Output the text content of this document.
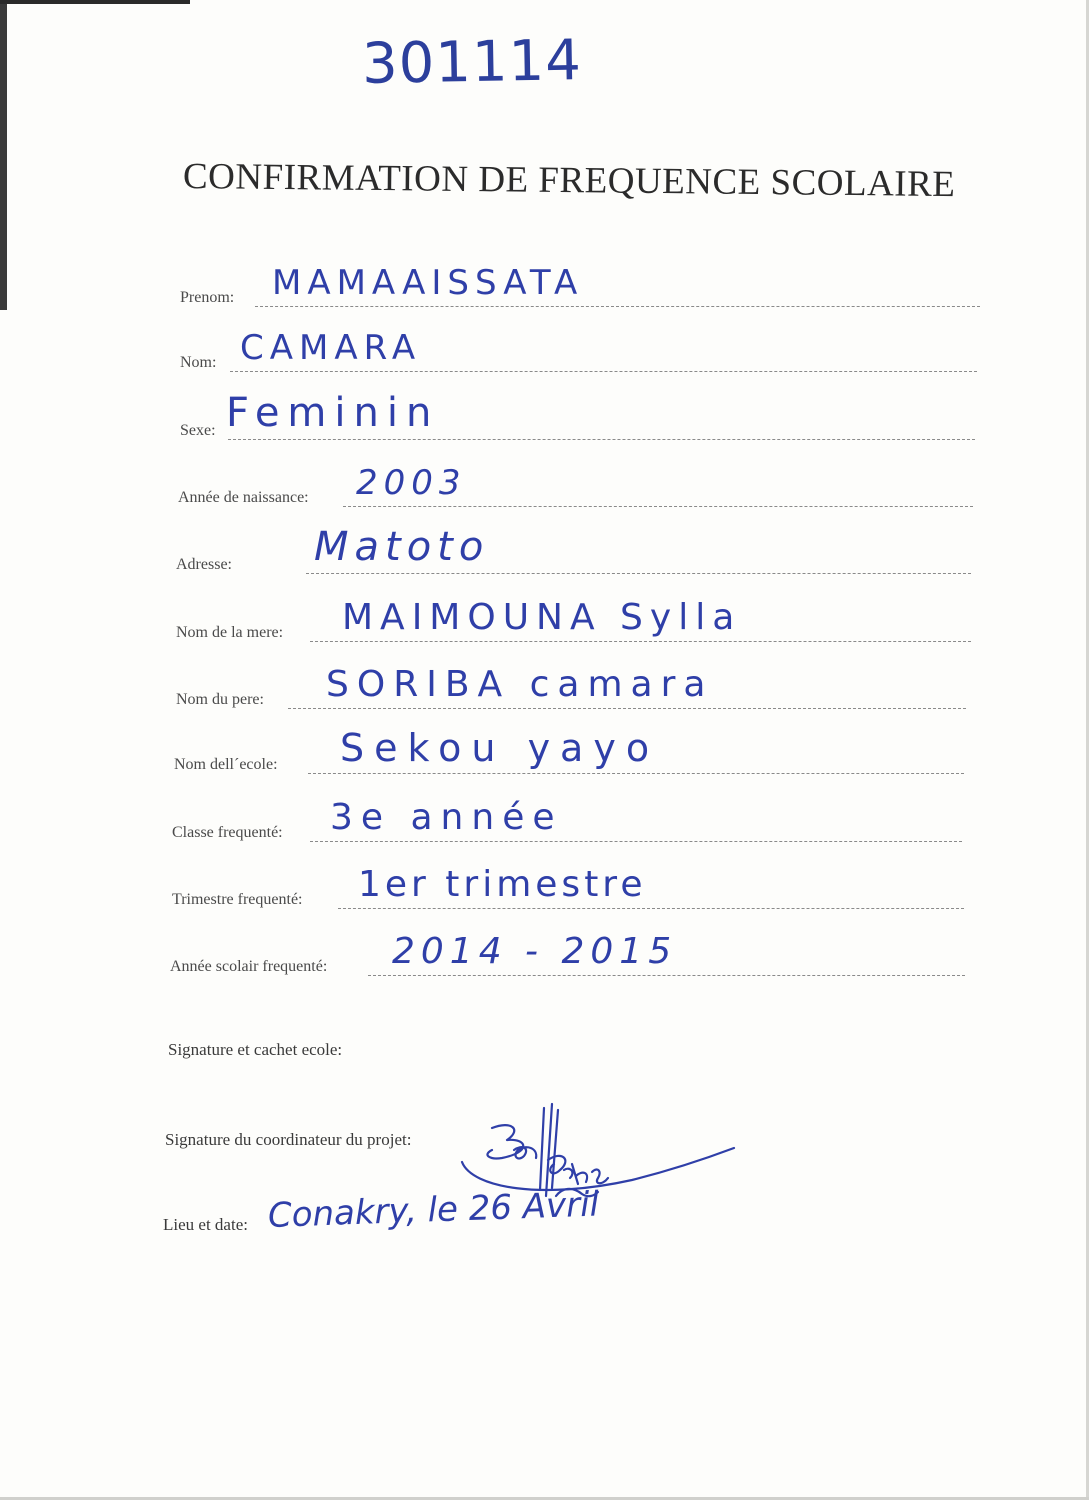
301114
CONFIRMATION DE FREQUENCE SCOLAIRE
Prenom: MAMAAISSATA
Nom: CAMARA
Sexe: Feminin
Année de naissance: 2003
Adresse: Matoto
Nom de la mere: MAIMOUNA Sylla
Nom du pere: SORIBA camara
Nom dell´ecole: Sekou yayo
Classe frequenté: 3e année
Trimestre frequenté: 1er trimestre
Année scolair frequenté: 2014 - 2015
Signature et cachet ecole:
Signature du coordinateur du projet:
Lieu et date: Conakry, le 26 Avril
